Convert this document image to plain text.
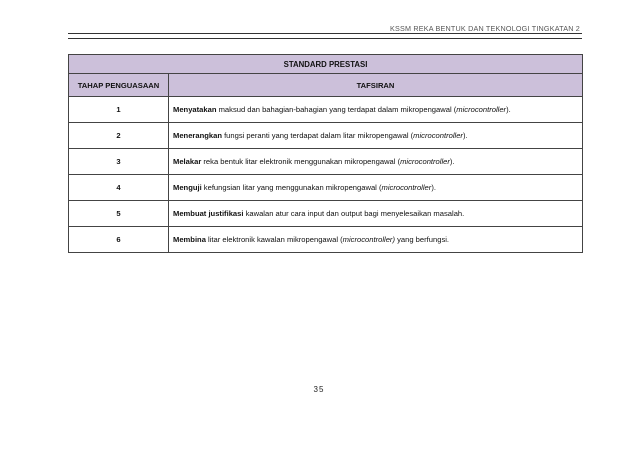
KSSM REKA BENTUK DAN TEKNOLOGI TINGKATAN 2
STANDARD PRESTASI	
TAHAP PENGUASAAN	TAFSIRAN
1	Menyatakan maksud dan bahagian-bahagian yang terdapat dalam mikropengawal (microcontroller).
2	Menerangkan fungsi peranti yang terdapat dalam litar mikropengawal (microcontroller).
3	Melakar reka bentuk litar elektronik menggunakan mikropengawal (microcontroller).
4	Menguji kefungsian litar yang menggunakan mikropengawal (microcontroller).
5	Membuat justifikasi kawalan atur cara input dan output bagi menyelesaikan masalah.
6	Membina litar elektronik kawalan mikropengawal (microcontroller) yang berfungsi.
35
